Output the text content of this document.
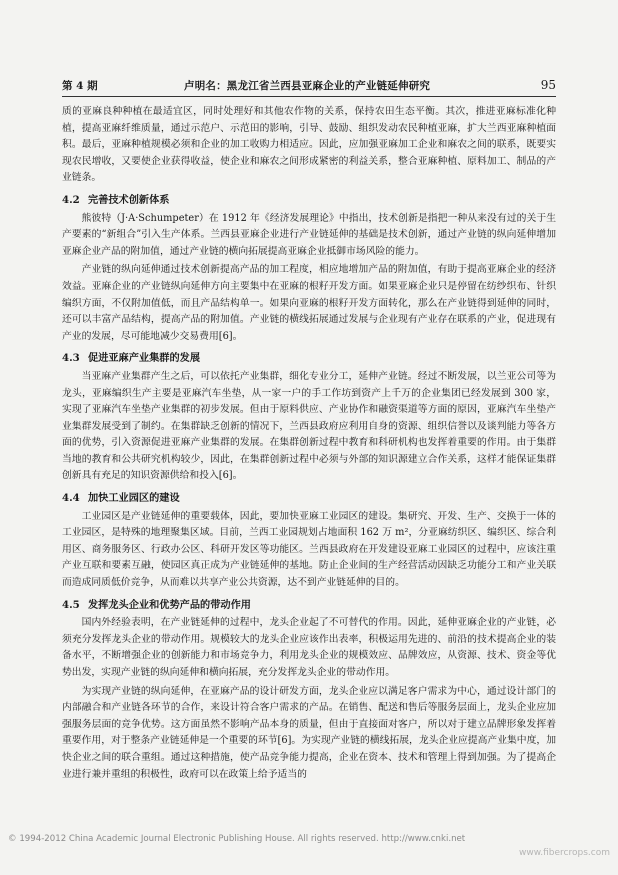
第 4 期	卢明名：黑龙江省兰西县亚麻企业的产业链延伸研究	95

质的亚麻良种种植在最适宜区，同时处理好和其他农作物的关系，保持农田生态平衡。其次，推进亚麻标准化种植，提高亚麻纤维质量，通过示范户、示范田的影响，引导、鼓励、组织发动农民种植亚麻，扩大兰西亚麻种植面积。最后，亚麻种植规模必须和企业的加工收购力相适应。因此，应加强亚麻加工企业和麻农之间的联系，既要实现农民增收，又要使企业获得收益，使企业和麻农之间形成紧密的利益关系，整合亚麻种植、原料加工、制品的产业链条。

4.2 完善技术创新体系

熊彼特（J·A·Schumpeter）在 1912 年《经济发展理论》中指出，技术创新是指把一种从来没有过的关于生产要素的“新组合”引入生产体系。兰西县亚麻企业进行产业链延伸的基础是技术创新，通过产业链的纵向延伸增加亚麻企业产品的附加值，通过产业链的横向拓展提高亚麻企业抵御市场风险的能力。

产业链的纵向延伸通过技术创新提高产品的加工程度，相应地增加产品的附加值，有助于提高亚麻企业的经济效益。亚麻企业的产业链纵向延伸方向主要集中在亚麻的根籽开发方面。如果亚麻企业只是停留在纺纱织布、针织编织方面，不仅附加值低，而且产品结构单一。如果向亚麻的根籽开发方面转化，那么在产业链得到延伸的同时，还可以丰富产品结构，提高产品的附加值。产业链的横线拓展通过发展与企业现有产业存在联系的产业，促进现有产业的发展，尽可能地减少交易费用[6]。

4.3 促进亚麻产业集群的发展

当亚麻产业集群产生之后，可以依托产业集群，细化专业分工，延伸产业链。经过不断发展，以兰亚公司等为龙头，亚麻编织生产主要是亚麻汽车坐垫，从一家一户的手工作坊到资产上千万的企业集团已经发展到 300 家，实现了亚麻汽车坐垫产业集群的初步发展。但由于原料供应、产业协作和融资渠道等方面的原因，亚麻汽车坐垫产业集群发展受到了制约。在集群缺乏创新的情况下，兰西县政府应利用自身的资源、组织信誉以及谈判能力等各方面的优势，引入资源促进亚麻产业集群的发展。在集群创新过程中教育和科研机构也发挥着重要的作用。由于集群当地的教育和公共研究机构较少，因此，在集群创新过程中必须与外部的知识源建立合作关系，这样才能保证集群创新具有充足的知识资源供给和投入[6]。

4.4 加快工业园区的建设

工业园区是产业链延伸的重要载体，因此，要加快亚麻工业园区的建设。集研究、开发、生产、交换于一体的工业园区，是特殊的地理聚集区域。目前，兰西工业园规划占地面积 162 万 m²，分亚麻纺织区、编织区、综合利用区、商务服务区、行政办公区、科研开发区等功能区。兰西县政府在开发建设亚麻工业园区的过程中，应该注重产业互联和要素互融，使园区真正成为产业链延伸的基地。防止企业间的生产经营活动因缺乏功能分工和产业关联而造成同质低价竞争，从而难以共享产业公共资源，达不到产业链延伸的目的。

4.5 发挥龙头企业和优势产品的带动作用

国内外经验表明，在产业链延伸的过程中，龙头企业起了不可替代的作用。因此，延伸亚麻企业的产业链，必须充分发挥龙头企业的带动作用。规模较大的龙头企业应该作出表率，积极运用先进的、前沿的技术提高企业的装备水平，不断增强企业的创新能力和市场竞争力，利用龙头企业的规模效应、品牌效应，从资源、技术、资金等优势出发，实现产业链的纵向延伸和横向拓展，充分发挥龙头企业的带动作用。

为实现产业链的纵向延伸，在亚麻产品的设计研发方面，龙头企业应以满足客户需求为中心，通过设计部门的内部融合和产业链各环节的合作，来设计符合客户需求的产品。在销售、配送和售后等服务层面上，龙头企业应加强服务层面的竞争优势。这方面虽然不影响产品本身的质量，但由于直接面对客户，所以对于建立品牌形象发挥着重要作用，对于整条产业链延伸是一个重要的环节[6]。为实现产业链的横线拓展，龙头企业应提高产业集中度，加快企业之间的联合重组。通过这种措施，使产品竞争能力提高，企业在资本、技术和管理上得到加强。为了提高企业进行兼并重组的积极性，政府可以在政策上给予适当的

© 1994-2012 China Academic Journal Electronic Publishing House. All rights reserved. http://www.cnki.net
www.fibercrops.com
